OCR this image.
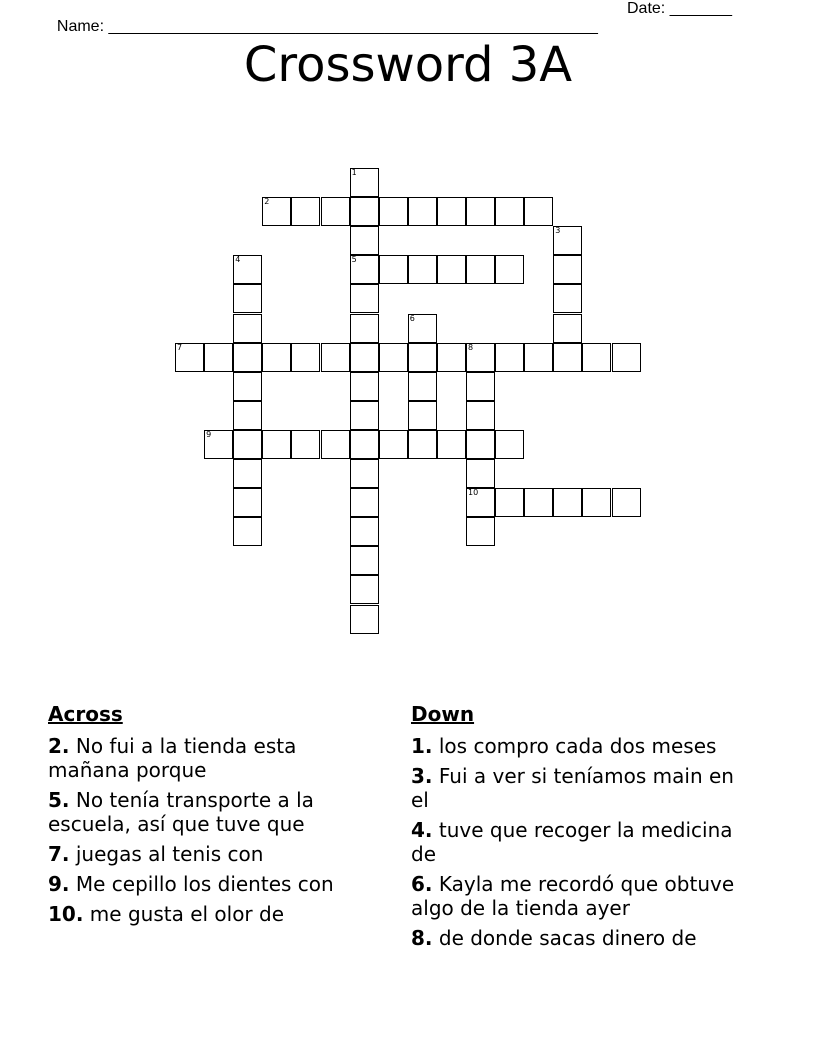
Name: _______________________________________________________

Date: _______

Crossword 3A
1
2
3
4	5
6
7	8
9
10
Across
2. No fui a la tienda esta mañana porque
5. No tenía transporte a la escuela, así que tuve que
7. juegas al tenis con
9. Me cepillo los dientes con
10. me gusta el olor de
Down
1. los compro cada dos meses
3. Fui a ver si teníamos main en el
4. tuve que recoger la medicina de
6. Kayla me recordó que obtuve algo de la tienda ayer
8. de donde sacas dinero de
